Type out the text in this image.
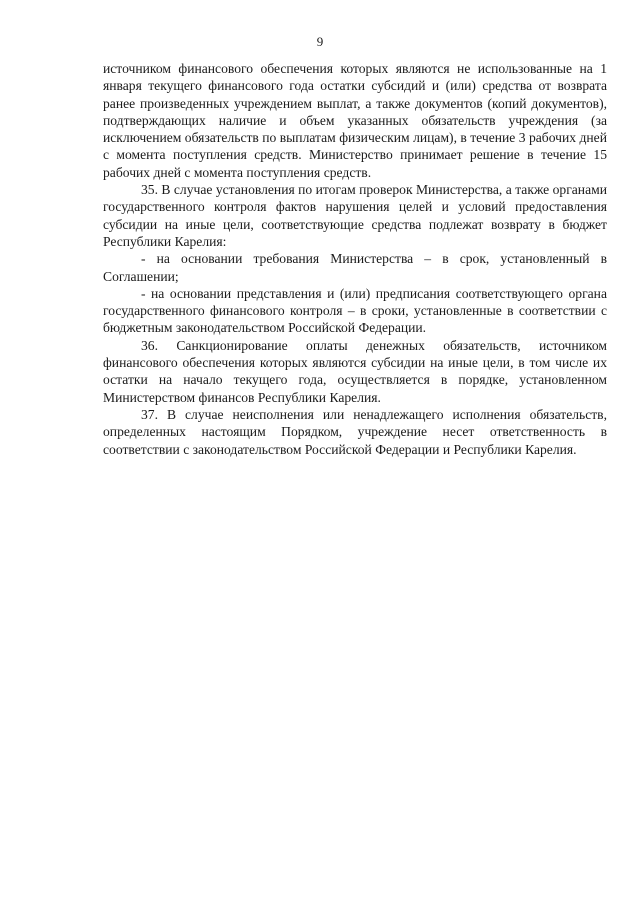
9

источником финансового обеспечения которых являются не использованные на 1 января текущего финансового года остатки субсидий и (или) средства от возврата ранее произведенных учреждением выплат, а также документов (копий документов), подтверждающих наличие и объем указанных обязательств учреждения (за исключением обязательств по выплатам физическим лицам), в течение 3 рабочих дней с момента поступления средств. Министерство принимает решение в течение 15 рабочих дней с момента поступления средств.

35. В случае установления по итогам проверок Министерства, а также органами государственного контроля фактов нарушения целей и условий предоставления субсидии на иные цели, соответствующие средства подлежат возврату в бюджет Республики Карелия:

- на основании требования Министерства – в срок, установленный в Соглашении;

- на основании представления и (или) предписания соответствующего органа государственного финансового контроля – в сроки, установленные в соответствии с бюджетным законодательством Российской Федерации.

36. Санкционирование оплаты денежных обязательств, источником финансового обеспечения которых являются субсидии на иные цели, в том числе их остатки на начало текущего года, осуществляется в порядке, установленном Министерством финансов Республики Карелия.

37. В случае неисполнения или ненадлежащего исполнения обязательств, определенных настоящим Порядком, учреждение несет ответственность в соответствии с законодательством Российской Федерации и Республики Карелия.
